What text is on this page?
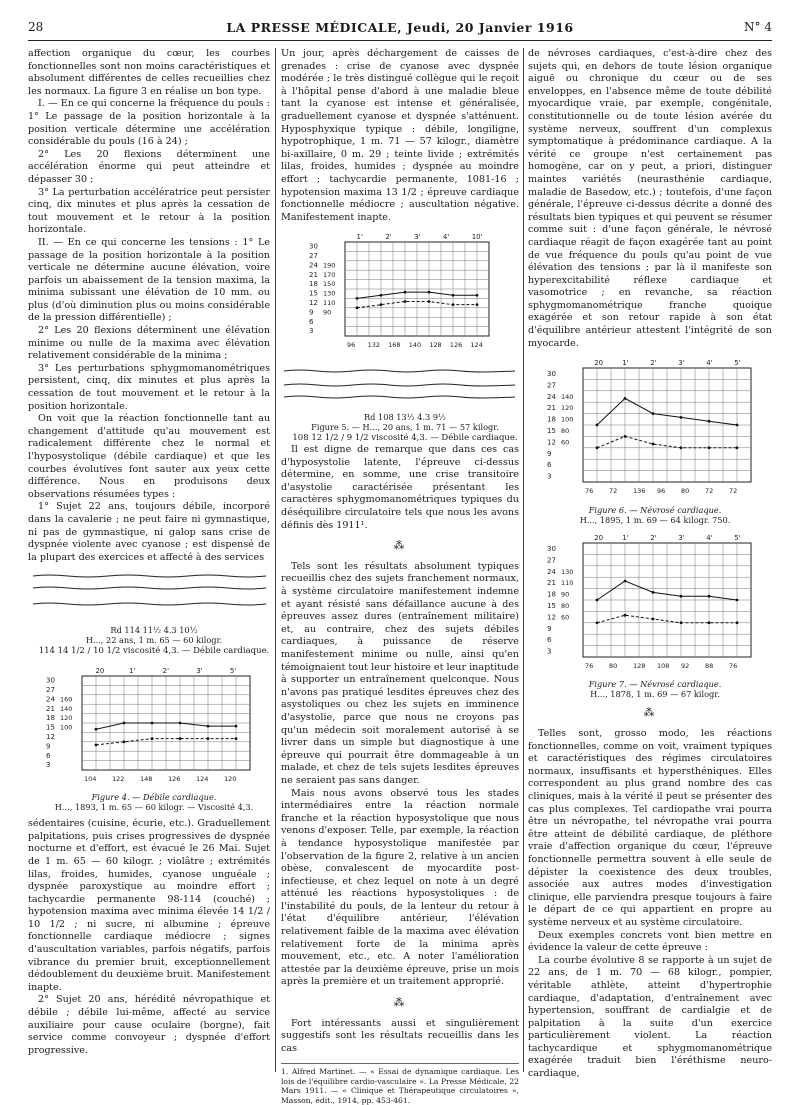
28	LA PRESSE MÉDICALE, Jeudi, 20 Janvier 1916	N° 4

affection organique du cœur, les courbes fonctionnelles sont non moins caractéristiques et absolument différentes de celles recueillies chez les normaux. La figure 3 en réalise un bon type.

I. — En ce qui concerne la fréquence du pouls : 1° Le passage de la position horizontale à la position verticale détermine une accélération considérable du pouls (16 à 24) ;

2° Les 20 flexions déterminent une accélération énorme qui peut atteindre et dépasser 30 ;

3° La perturbation accélératrice peut persister cinq, dix minutes et plus après la cessation de tout mouvement et le retour à la position horizontale.

II. — En ce qui concerne les tensions : 1° Le passage de la position horizontale à la position verticale ne détermine aucune élévation, voire parfois un abaissement de la tension maxima, la minima subissant une élévation de 10 mm. ou plus (d'où diminution plus ou moins considérable de la pression différentielle) ;

2° Les 20 flexions déterminent une élévation minime ou nulle de la maxima avec élévation relativement considérable de la minima ;

3° Les perturbations sphygmomanométriques persistent, cinq, dix minutes et plus après la cessation de tout mouvement et le retour à la position horizontale.

On voit que la réaction fonctionnelle tant au changement d'attitude qu'au mouvement est radicalement différente chez le normal et l'hyposystolique (débile cardiaque) et que les courbes évolutives font sauter aux yeux cette différence. Nous en produisons deux observations résumées types :

1° Sujet 22 ans, toujours débile, incorporé dans la cavalerie ; ne peut faire ni gymnastique, ni pas de gymnastique, ni galop sans crise de dyspnée violente avec cyanose ; est dispensé de la plupart des exercices et affecté à des services

Rd 114 11½ 4.3 10½

H..., 22 ans, 1 m. 65 — 60 kilogr.

114 14 1/2 / 10 1/2 viscosité 4,3. — Débile cardiaque.

30
27
24
21
18
15
12
9
6
3
160
140
120
100
20	1'	2'	3'	5'
104 122 148 126 124 120

Figure 4. — Débile cardiaque.

H..., 1893, 1 m. 65 — 60 kilogr. — Viscosité 4,3.

sédentaires (cuisine, écurie, etc.). Graduellement palpitations, puis crises progressives de dyspnée nocturne et d'effort, est évacué le 26 Mai. Sujet de 1 m. 65 — 60 kilogr. ; violâtre ; extrémités lilas, froides, humides, cyanose unguéale ; dyspnée paroxystique au moindre effort ; tachycardie permanente 98-114 (couché) ; hypotension maxima avec minima élevée 14 1/2 / 10 1/2 ; ni sucre, ni albumine ; épreuve fonctionnelle cardiaque médiocre ; signes d'auscultation variables, parfois négatifs, parfois vibrance du premier bruit, exceptionnellement dédoublement du deuxième bruit. Manifestement inapte.

2° Sujet 20 ans, hérédité névropathique et débile ; débile lui-même, affecté au service auxiliaire pour cause oculaire (borgne), fait service comme convoyeur ; dyspnée d'effort progressive.

Un jour, après déchargement de caisses de grenades : crise de cyanose avec dyspnée modérée ; le très distingué collègue qui le reçoit à l'hôpital pense d'abord à une maladie bleue tant la cyanose est intense et généralisée, graduellement cyanose et dyspnée s'atténuent. Hyposphyxique typique : débile, longiligne, hypotrophique, 1 m. 71 — 57 kilogr., diamètre bi-axillaire, 0 m. 29 ; teinte livide ; extrémités lilas, froides, humides ; dyspnée au moindre effort ; tachycardie permanente, 1081-16 ; hypotension maxima 13 1/2 ; épreuve cardiaque fonctionnelle médiocre ; auscultation négative. Manifestement inapte.

30
27
24
21
18
15
12
9
6
3
190
170
150
130
110
90
1'	2'	3'	4'	10'
96 132 168 140 128 126 124

Rd 108 13½ 4.3 9½

Figure 5. — H..., 20 ans, 1 m. 71 — 57 kilogr.

108 12 1/2 / 9 1/2 viscosité 4,3. — Débile cardiaque.

Il est digne de remarque que dans ces cas d'hyposystolie latente, l'épreuve ci-dessus détermine, en somme, une crise transitoire d'asystolie caractérisée présentant les caractères sphygmomanométriques typiques du déséquilibre circulatoire tels que nous les avons définis dès 1911¹.

⁂

Tels sont les résultats absolument typiques recueillis chez des sujets franchement normaux, à système circulatoire manifestement indemne et ayant résisté sans défaillance aucune à des épreuves assez dures (entraînement militaire) et, au contraire, chez des sujets débiles cardiaques, à puissance de réserve manifestement minime ou nulle, ainsi qu'en témoignaient tout leur histoire et leur inaptitude à supporter un entraînement quelconque. Nous n'avons pas pratiqué lesdites épreuves chez des asystoliques ou chez les sujets en imminence d'asystolie, parce que nous ne croyons pas qu'un médecin soit moralement autorisé à se livrer dans un simple but diagnostique à une épreuve qui pourrait être dommageable à un malade, et chez de tels sujets lesdites épreuves ne seraient pas sans danger.

Mais nous avons observé tous les stades intermédiaires entre la réaction normale franche et la réaction hyposystolique que nous venons d'exposer. Telle, par exemple, la réaction à tendance hyposystolique manifestée par l'observation de la figure 2, relative à un ancien obèse, convalescent de myocardite post-infectieuse, et chez lequel on note à un degré atténué les réactions hyposystoliques : de l'instabilité du pouls, de la lenteur du retour à l'état d'équilibre antérieur, l'élévation relativement faible de la maxima avec élévation relativement forte de la minima après mouvement, etc., etc. A noter l'amélioration attestée par la deuxième épreuve, prise un mois après la première et un traitement approprié.

⁂

Fort intéressants aussi et singulièrement suggestifs sont les résultats recueillis dans les cas

1. Alfred Martinet. — « Essai de dynamique cardiaque. Les lois de l'équilibre cardio-vasculaire ». La Presse Médicale, 22 Mars 1911. — « Clinique et Thérapeutique circulatoires », Masson, édit., 1914, pp. 453-461.

de névroses cardiaques, c'est-à-dire chez des sujets qui, en dehors de toute lésion organique aiguë ou chronique du cœur ou de ses enveloppes, en l'absence même de toute débilité myocardique vraie, par exemple, congénitale, constitutionnelle ou de toute lésion avérée du système nerveux, souffrent d'un complexus symptomatique à prédominance cardiaque. A la vérité ce groupe n'est certainement pas homogène, car on y peut, a priori, distinguer maintes variétés (neurasthénie cardiaque, maladie de Basedow, etc.) ; toutefois, d'une façon générale, l'épreuve ci-dessus décrite a donné des résultats bien typiques et qui peuvent se résumer comme suit : d'une façon générale, le névrosé cardiaque réagit de façon exagérée tant au point de vue fréquence du pouls qu'au point de vue élévation des tensions ; par là il manifeste son hyperexcitabilité réflexe cardiaque et vasomotrice ; en revanche, sa réaction sphygmomanométrique franche quoique exagérée et son retour rapide à son état d'équilibre antérieur attestent l'intégrité de son myocarde.

30
27
24
21
18
15
12
9
6
3
140
120
100
80
60
20	1'	2'	3'	4'	5'
76 72 136 96 80 72 72

Figure 6. — Névrosé cardiaque.

H..., 1895, 1 m. 69 — 64 kilogr. 750.

30
27
24
21
18
15
12
9
6
3
130
110
90
80
60
20	1'	2'	3'	4'	5'
76 80 128 108 92 88 76

Figure 7. — Névrosé cardiaque.

H..., 1878, 1 m. 69 — 67 kilogr.

⁂

Telles sont, grosso modo, les réactions fonctionnelles, comme on voit, vraiment typiques et caractéristiques des régimes circulatoires normaux, insuffisants et hypersthéniques. Elles correspondent au plus grand nombre des cas cliniques, mais à la vérité il peut se présenter des cas plus complexes. Tel cardiopathe vrai pourra être un névropathe, tel névropathe vrai pourra être atteint de débilité cardiaque, de pléthore vraie d'affection organique du cœur, l'épreuve fonctionnelle permettra souvent à elle seule de dépister la coexistence des deux troubles, associée aux autres modes d'investigation clinique, elle parviendra presque toujours à faire le départ de ce qui appartient en propre au système nerveux et au système circulatoire.

Deux exemples concrets vont bien mettre en évidence la valeur de cette épreuve :

La courbe évolutive 8 se rapporte à un sujet de 22 ans, de 1 m. 70 — 68 kilogr., pompier, véritable athlète, atteint d'hypertrophie cardiaque, d'adaptation, d'entraînement avec hypertension, souffrant de cardialgie et de palpitation à la suite d'un exercice particulièrement violent. La réaction tachycardique et sphygmomanométrique exagérée traduit bien l'éréthisme neuro-cardiaque,
